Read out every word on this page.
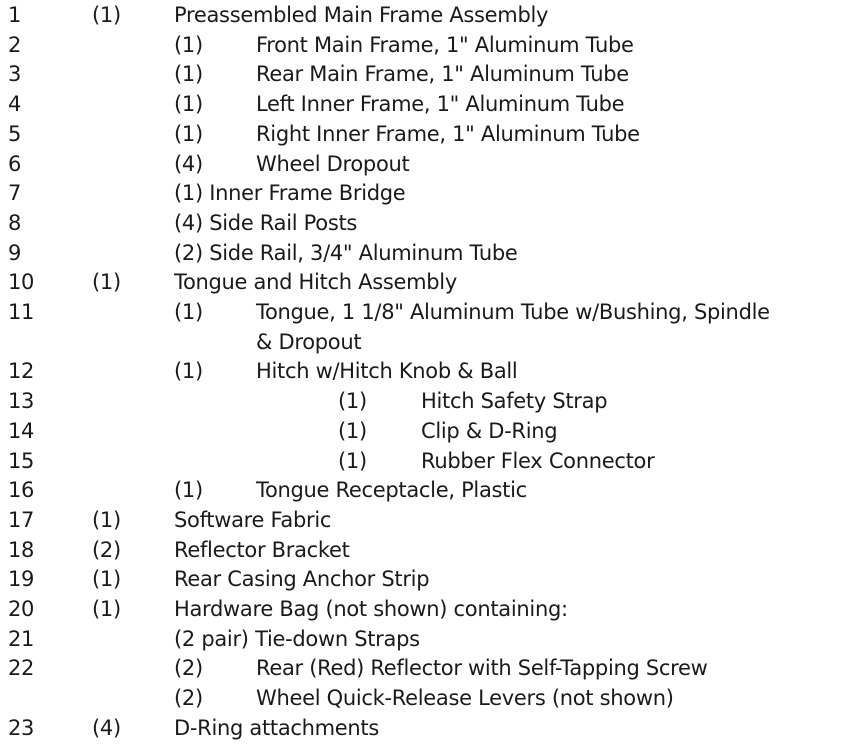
1	(1)	Preassembled Main Frame Assembly
2	(1)	Front Main Frame, 1" Aluminum Tube
3	(1)	Rear Main Frame, 1" Aluminum Tube
4	(1)	Left Inner Frame, 1" Aluminum Tube
5	(1)	Right Inner Frame, 1" Aluminum Tube
6	(4)	Wheel Dropout
7	(1) Inner Frame Bridge
8	(4) Side Rail Posts
9	(2) Side Rail, 3/4" Aluminum Tube
10	(1)	Tongue and Hitch Assembly
11	(1)	Tongue, 1 1/8" Aluminum Tube w/Bushing, Spindle
& Dropout
12	(1)	Hitch w/Hitch Knob & Ball
13	(1)	Hitch Safety Strap
14	(1)	Clip & D-Ring
15	(1)	Rubber Flex Connector
16	(1)	Tongue Receptacle, Plastic
17	(1)	Software Fabric
18	(2)	Reflector Bracket
19	(1)	Rear Casing Anchor Strip
20	(1)	Hardware Bag (not shown) containing:
21	(2 pair) Tie-down Straps
22	(2)	Rear (Red) Reflector with Self-Tapping Screw
(2)	Wheel Quick-Release Levers (not shown)
23	(4)	D-Ring attachments
